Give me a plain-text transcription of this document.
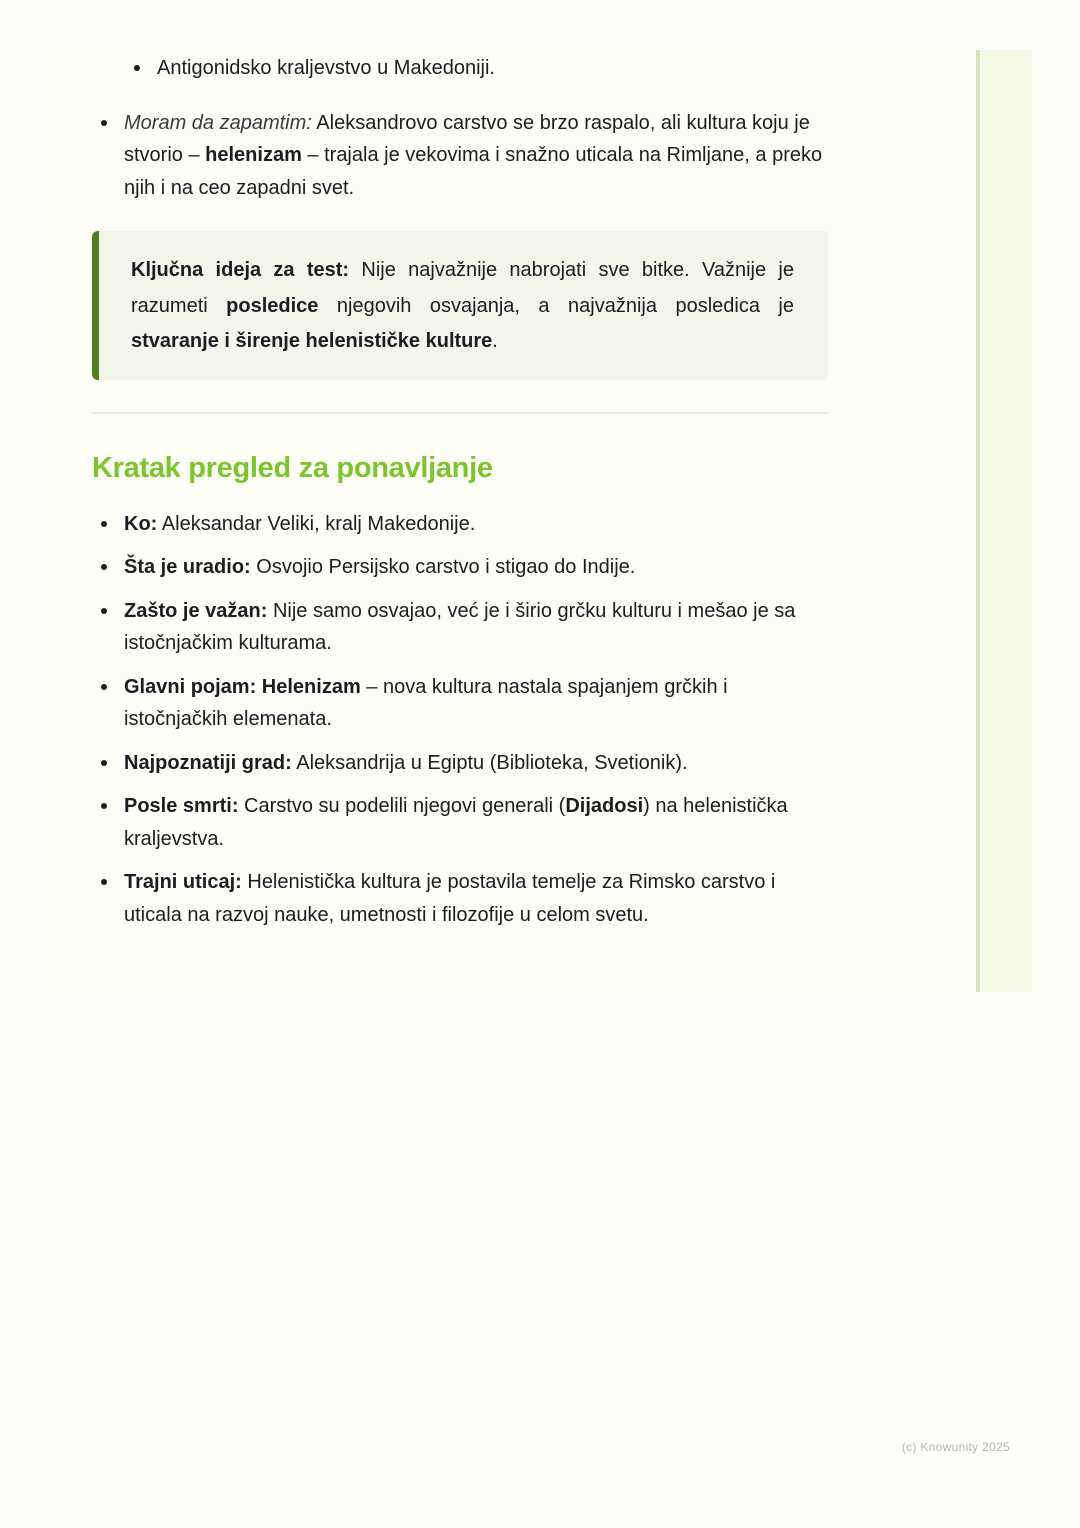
Antigonidsko kraljevstvo u Makedoniji.
Moram da zapamtim: Aleksandrovo carstvo se brzo raspalo, ali kultura koju je stvorio – helenizam – trajala je vekovima i snažno uticala na Rimljane, a preko njih i na ceo zapadni svet.
Ključna ideja za test: Nije najvažnije nabrojati sve bitke. Važnije je razumeti posledice njegovih osvajanja, a najvažnija posledica je stvaranje i širenje helenističke kulture.
Kratak pregled za ponavljanje
Ko: Aleksandar Veliki, kralj Makedonije.
Šta je uradio: Osvojio Persijsko carstvo i stigao do Indije.
Zašto je važan: Nije samo osvajao, već je i širio grčku kulturu i mešao je sa istočnjačkim kulturama.
Glavni pojam: Helenizam – nova kultura nastala spajanjem grčkih i istočnjačkih elemenata.
Najpoznatiji grad: Aleksandrija u Egiptu (Biblioteka, Svetionik).
Posle smrti: Carstvo su podelili njegovi generali (Dijadosi) na helenistička kraljevstva.
Trajni uticaj: Helenistička kultura je postavila temelje za Rimsko carstvo i uticala na razvoj nauke, umetnosti i filozofije u celom svetu.
(c) Knowunity 2025
